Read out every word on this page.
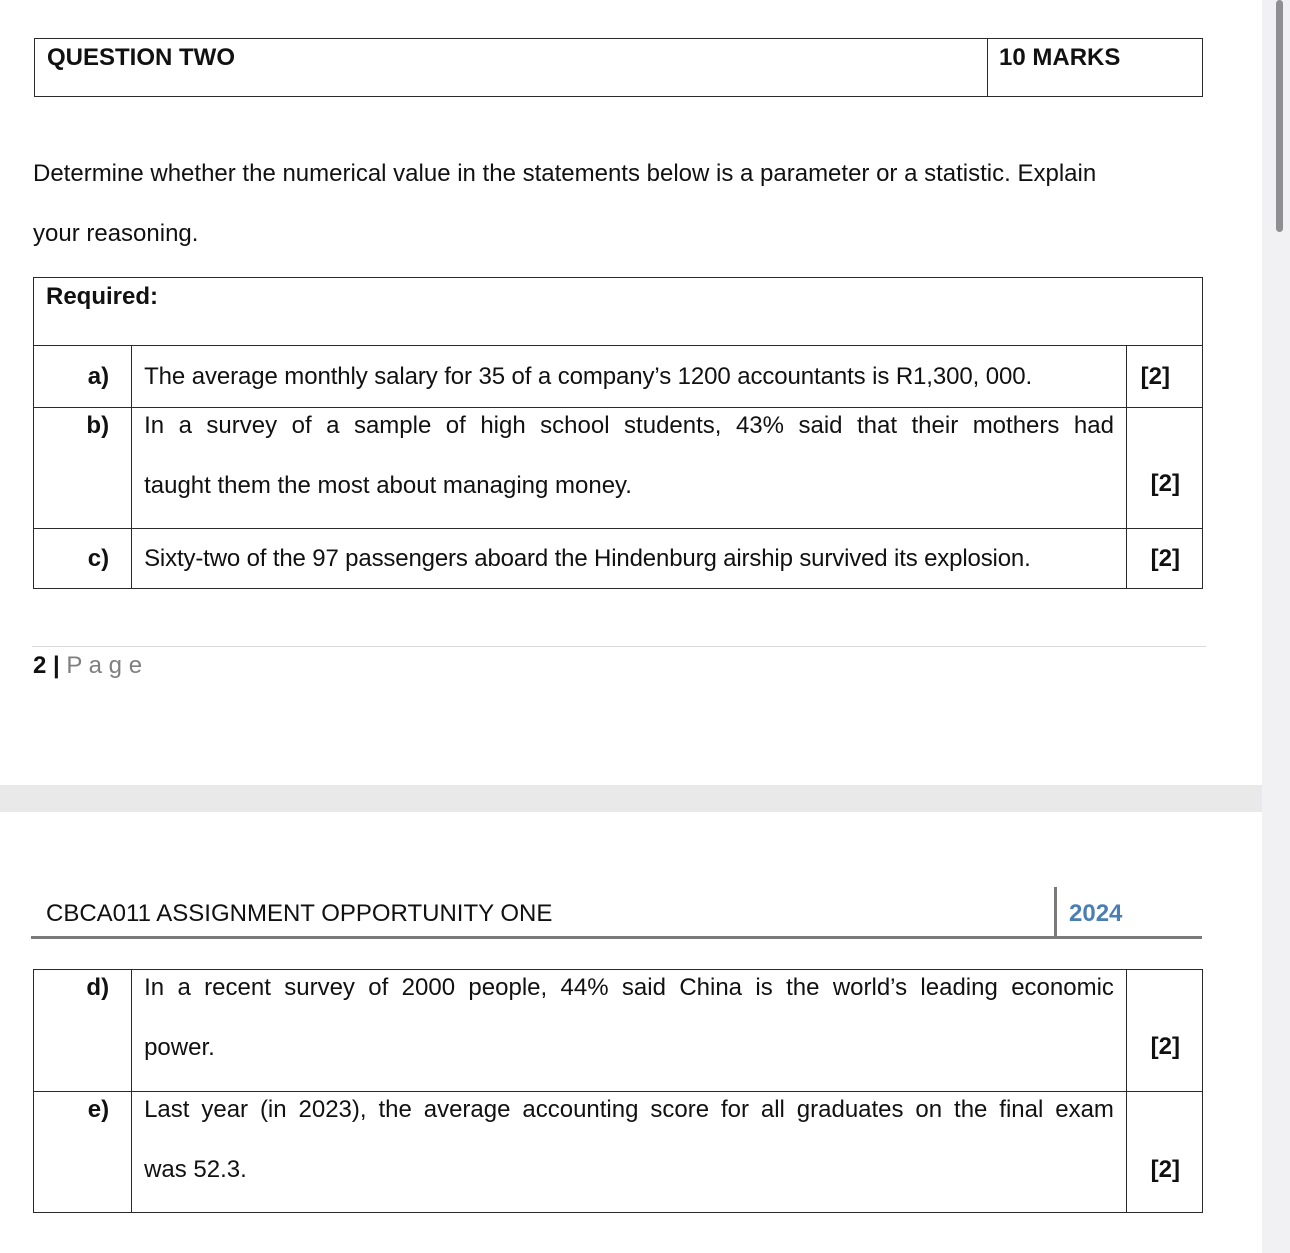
QUESTION TWO	10 MARKS
Determine whether the numerical value in the statements below is a parameter or a statistic. Explain
your reasoning.
Required:
a)	The average monthly salary for 35 of a company’s 1200 accountants is R1,300, 000.	[2]
b)	In a survey of a sample of high school students, 43% said that their mothers had
taught them the most about managing money.	[2]
c)	Sixty-two of the 97 passengers aboard the Hindenburg airship survived its explosion.	[2]
2 | P a g e
CBCA011 ASSIGNMENT OPPORTUNITY ONE	2024
d)	In a recent survey of 2000 people, 44% said China is the world’s leading economic
power.	[2]
e)	Last year (in 2023), the average accounting score for all graduates on the final exam
was 52.3.	[2]
